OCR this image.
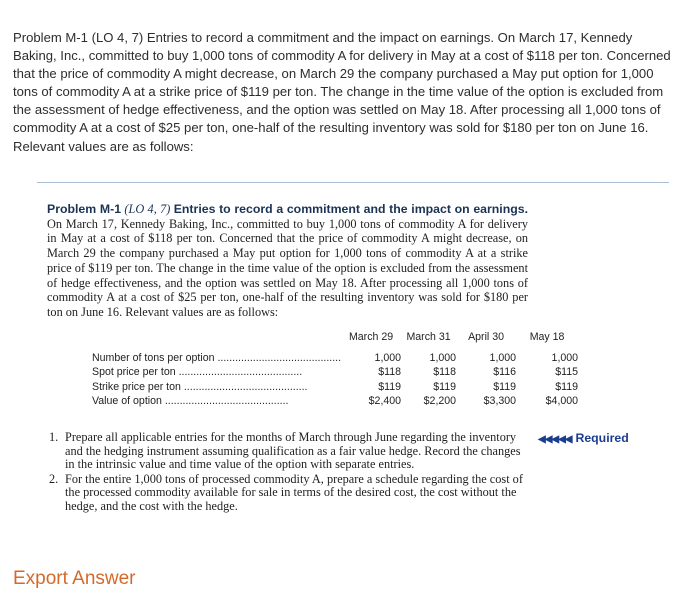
Problem M-1 (LO 4, 7) Entries to record a commitment and the impact on earnings. On March 17, Kennedy Baking, Inc., committed to buy 1,000 tons of commodity A for delivery in May at a cost of $118 per ton. Concerned that the price of commodity A might decrease, on March 29 the company purchased a May put option for 1,000 tons of commodity A at a strike price of $119 per ton. The change in the time value of the option is excluded from the assessment of hedge effectiveness, and the option was settled on May 18. After processing all 1,000 tons of commodity A at a cost of $25 per ton, one-half of the resulting inventory was sold for $180 per ton on June 16. Relevant values are as follows:
Problem M-1 (LO 4, 7) Entries to record a commitment and the impact on earnings. On March 17, Kennedy Baking, Inc., committed to buy 1,000 tons of commodity A for delivery in May at a cost of $118 per ton. Concerned that the price of commodity A might decrease, on March 29 the company purchased a May put option for 1,000 tons of commodity A at a strike price of $119 per ton. The change in the time value of the option is excluded from the assessment of hedge effectiveness, and the option was settled on May 18. After processing all 1,000 tons of commodity A at a cost of $25 per ton, one-half of the resulting inventory was sold for $180 per ton on June 16. Relevant values are as follows:
	March 29	March 31	April 30	May 18
Number of tons per option ..........................................	1,000	1,000	1,000	1,000
Spot price per ton ..........................................	$118	$118	$116	$115
Strike price per ton ..........................................	$119	$119	$119	$119
Value of option ..........................................	$2,400	$2,200	$3,300	$4,000
1. Prepare all applicable entries for the months of March through June regarding the inventory and the hedging instrument assuming qualification as a fair value hedge. Record the changes in the intrinsic value and time value of the option with separate entries.
2. For the entire 1,000 tons of processed commodity A, prepare a schedule regarding the cost of the processed commodity available for sale in terms of the desired cost, the cost without the hedge, and the cost with the hedge.
◀◀◀◀◀ Required
Export Answer
